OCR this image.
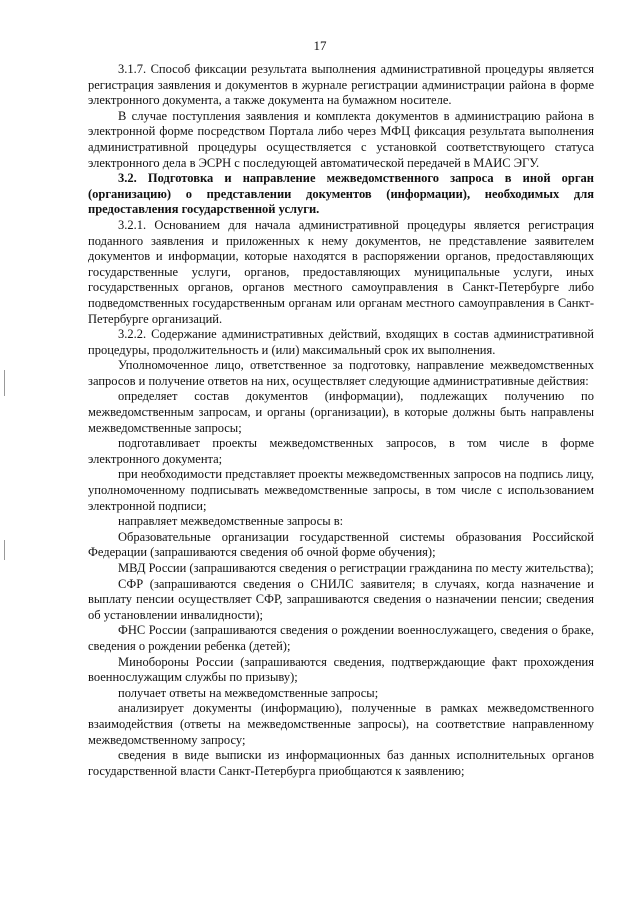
17

3.1.7. Способ фиксации результата выполнения административной процедуры является регистрация заявления и документов в журнале регистрации администрации района в форме электронного документа, а также документа на бумажном носителе.

В случае поступления заявления и комплекта документов в администрацию района в электронной форме посредством Портала либо через МФЦ фиксация результата выполнения административной процедуры осуществляется с установкой соответствующего статуса электронного дела в ЭСРН с последующей автоматической передачей в МАИС ЭГУ.

3.2. Подготовка и направление межведомственного запроса в иной орган (организацию) о представлении документов (информации), необходимых для предоставления государственной услуги.

3.2.1. Основанием для начала административной процедуры является регистрация поданного заявления и приложенных к нему документов, не представление заявителем документов и информации, которые находятся в распоряжении органов, предоставляющих государственные услуги, органов, предоставляющих муниципальные услуги, иных государственных органов, органов местного самоуправления в Санкт-Петербурге либо подведомственных государственным органам или органам местного самоуправления в Санкт-Петербурге организаций.

3.2.2. Содержание административных действий, входящих в состав административной процедуры, продолжительность и (или) максимальный срок их выполнения.

Уполномоченное лицо, ответственное за подготовку, направление межведомственных запросов и получение ответов на них, осуществляет следующие административные действия:

определяет состав документов (информации), подлежащих получению по межведомственным запросам, и органы (организации), в которые должны быть направлены межведомственные запросы;

подготавливает проекты межведомственных запросов, в том числе в форме электронного документа;

при необходимости представляет проекты межведомственных запросов на подпись лицу, уполномоченному подписывать межведомственные запросы, в том числе с использованием электронной подписи;

направляет межведомственные запросы в:

Образовательные организации государственной системы образования Российской Федерации (запрашиваются сведения об очной форме обучения);

МВД России (запрашиваются сведения о регистрации гражданина по месту жительства);

СФР (запрашиваются сведения о СНИЛС заявителя; в случаях, когда назначение и выплату пенсии осуществляет СФР, запрашиваются сведения о назначении пенсии; сведения об установлении инвалидности);

ФНС России (запрашиваются сведения о рождении военнослужащего, сведения о браке, сведения о рождении ребенка (детей);

Минобороны России (запрашиваются сведения, подтверждающие факт прохождения военнослужащим службы по призыву);

получает ответы на межведомственные запросы;

анализирует документы (информацию), полученные в рамках межведомственного взаимодействия (ответы на межведомственные запросы), на соответствие направленному межведомственному запросу;

сведения в виде выписки из информационных баз данных исполнительных органов государственной власти Санкт-Петербурга приобщаются к заявлению;
